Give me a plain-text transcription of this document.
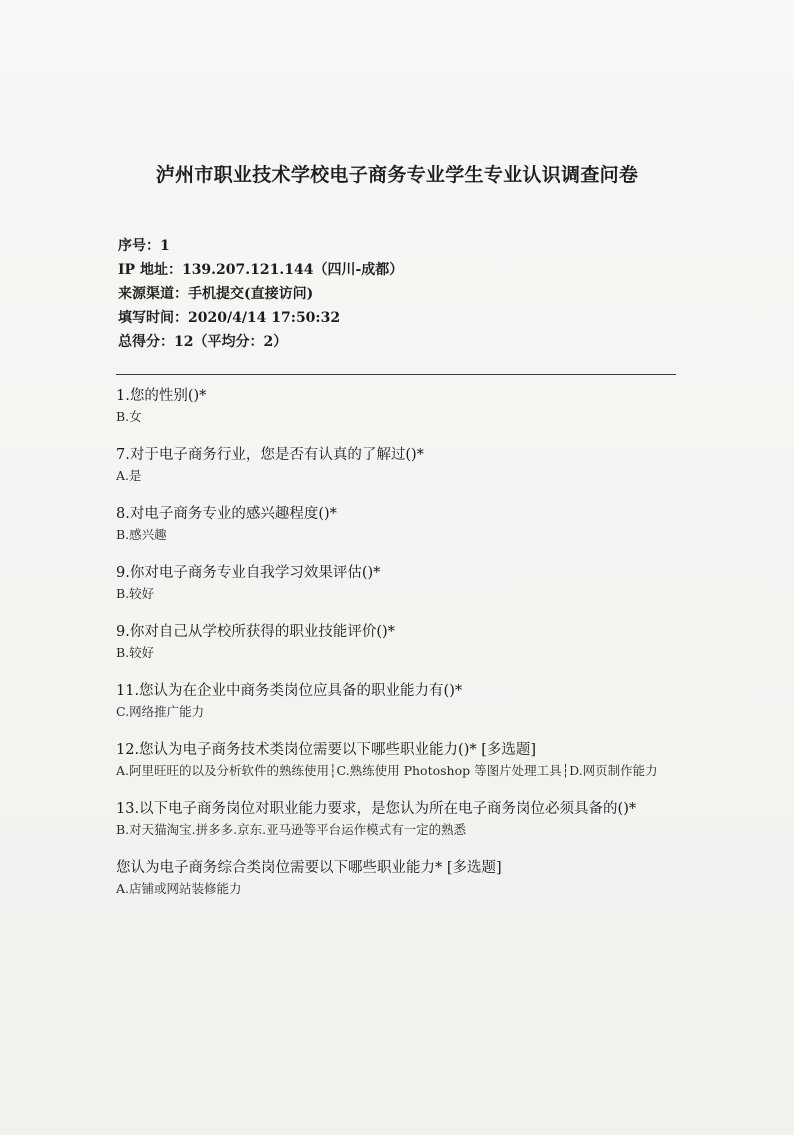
泸州市职业技术学校电子商务专业学生专业认识调查问卷
序号：1
IP 地址：139.207.121.144（四川-成都）
来源渠道：手机提交(直接访问)
填写时间：2020/4/14 17:50:32
总得分：12（平均分：2）
1.您的性别()*
B.女
7.对于电子商务行业，您是否有认真的了解过()*
A.是
8.对电子商务专业的感兴趣程度()*
B.感兴趣
9.你对电子商务专业自我学习效果评估()*
B.较好
9.你对自己从学校所获得的职业技能评价()*
B.较好
11.您认为在企业中商务类岗位应具备的职业能力有()*
C.网络推广能力
12.您认为电子商务技术类岗位需要以下哪些职业能力()* [多选题]
A.阿里旺旺的以及分析软件的熟练使用┆C.熟练使用 Photoshop 等图片处理工具┆D.网页制作能力
13.以下电子商务岗位对职业能力要求，是您认为所在电子商务岗位必须具备的()*
B.对天猫淘宝.拼多多.京东.亚马逊等平台运作模式有一定的熟悉
您认为电子商务综合类岗位需要以下哪些职业能力* [多选题]
A.店铺或网站装修能力
